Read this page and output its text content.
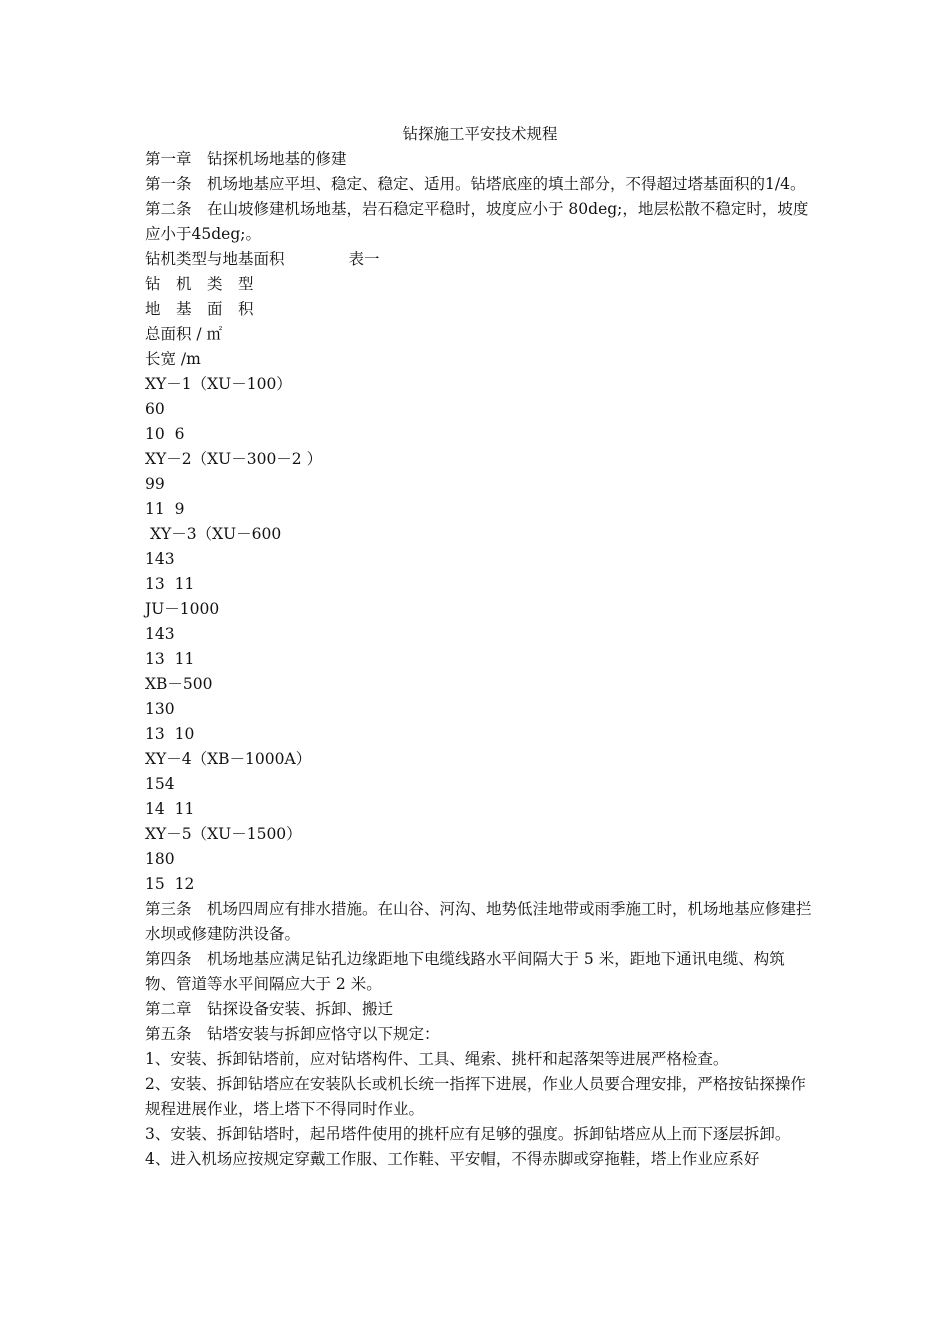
钻探施工平安技术规程
第一章　钻探机场地基的修建
第一条　机场地基应平坦、稳定、稳定、适用。钻塔底座的填土部分，不得超过塔基面积的1/4。
第二条　在山坡修建机场地基，岩石稳定平稳时，坡度应小于 80deg;，地层松散不稳定时，坡度应小于45deg;。
钻机类型与地基面积	表一
钻　机　类　型
地　基　面　积
总面积 / ㎡
长宽 /m
XY－1（XU－100）
60
10  6
XY－2（XU－300－2 ）
99
11  9
XY－3（XU－600
143
13  11
JU－1000
143
13  11
XB－500
130
13  10
XY－4（XB－1000A）
154
14  11
XY－5（XU－1500）
180
15  12
第三条　机场四周应有排水措施。在山谷、河沟、地势低洼地带或雨季施工时，机场地基应修建拦水坝或修建防洪设备。
第四条　机场地基应满足钻孔边缘距地下电缆线路水平间隔大于 5 米，距地下通讯电缆、构筑物、管道等水平间隔应大于 2 米。
第二章　钻探设备安装、拆卸、搬迁
第五条　钻塔安装与拆卸应恪守以下规定：
1、安装、拆卸钻塔前，应对钻塔构件、工具、绳索、挑杆和起落架等进展严格检查。
2、安装、拆卸钻塔应在安装队长或机长统一指挥下进展，作业人员要合理安排，严格按钻探操作规程进展作业，塔上塔下不得同时作业。
3、安装、拆卸钻塔时，起吊塔件使用的挑杆应有足够的强度。拆卸钻塔应从上而下逐层拆卸。
4、进入机场应按规定穿戴工作服、工作鞋、平安帽，不得赤脚或穿拖鞋，塔上作业应系好
